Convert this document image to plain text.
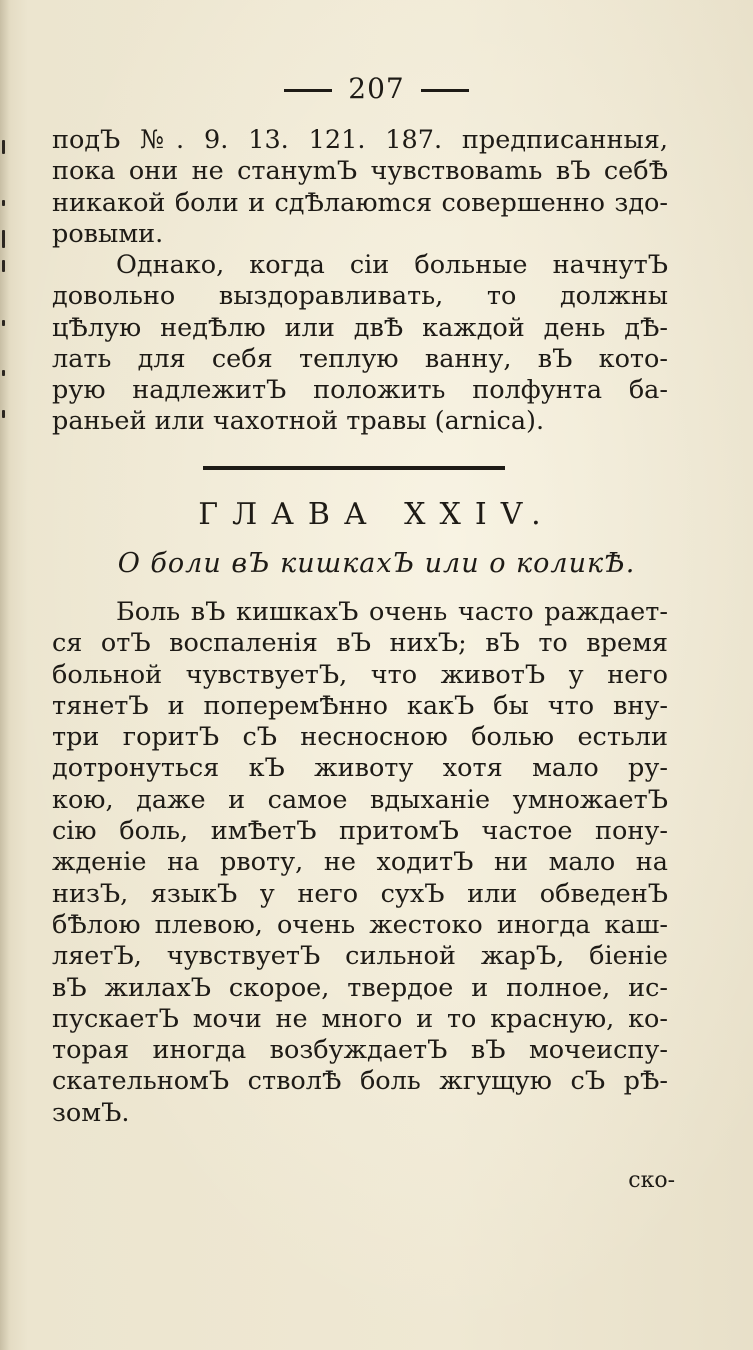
207
подЪ №. 9. 13. 121. 187. предписанныя,
пока они не стануmЪ чувствоваmь вЪ себѢ
никакой боли и сдѢлаюmся совершенно здо-
ровыми.
Однако, когда сіи больные начнутЪ
довольно выздоравливать, то должны
цѢлую недѢлю или двѢ каждой день дѢ-
лать для себя теплую ванну, вЪ кото-
рую надлежитЪ положить полфунта ба-
раньей или чахотной травы (arnica).
ГЛАВА XXIV.
О боли вЪ кишкахЪ или о коликѢ.
Боль вЪ кишкахЪ очень часто раждает-
ся отЪ воспаленія вЪ нихЪ; вЪ то время
больной чувствуетЪ, что животЪ у него
тянетЪ и поперемѢнно какЪ бы что вну-
три горитЪ сЪ несносною болью естьли
дотронуться кЪ животу хотя мало ру-
кою, даже и самое вдыханіе умножаетЪ
сію боль, имѢетЪ притомЪ частое пону-
жденіе на рвоту, не ходитЪ ни мало на
низЪ, языкЪ у него сухЪ или обведенЪ
бѢлою плевою, очень жестоко иногда каш-
ляетЪ, чувствуетЪ сильной жарЪ, біеніе
вЪ жилахЪ скорое, твердое и полное, ис-
пускаетЪ мочи не много и то красную, ко-
торая иногда возбуждаетЪ вЪ мочеиспу-
скательномЪ стволѢ боль жгущую сЪ рѢ-
зомЪ.
ско-
